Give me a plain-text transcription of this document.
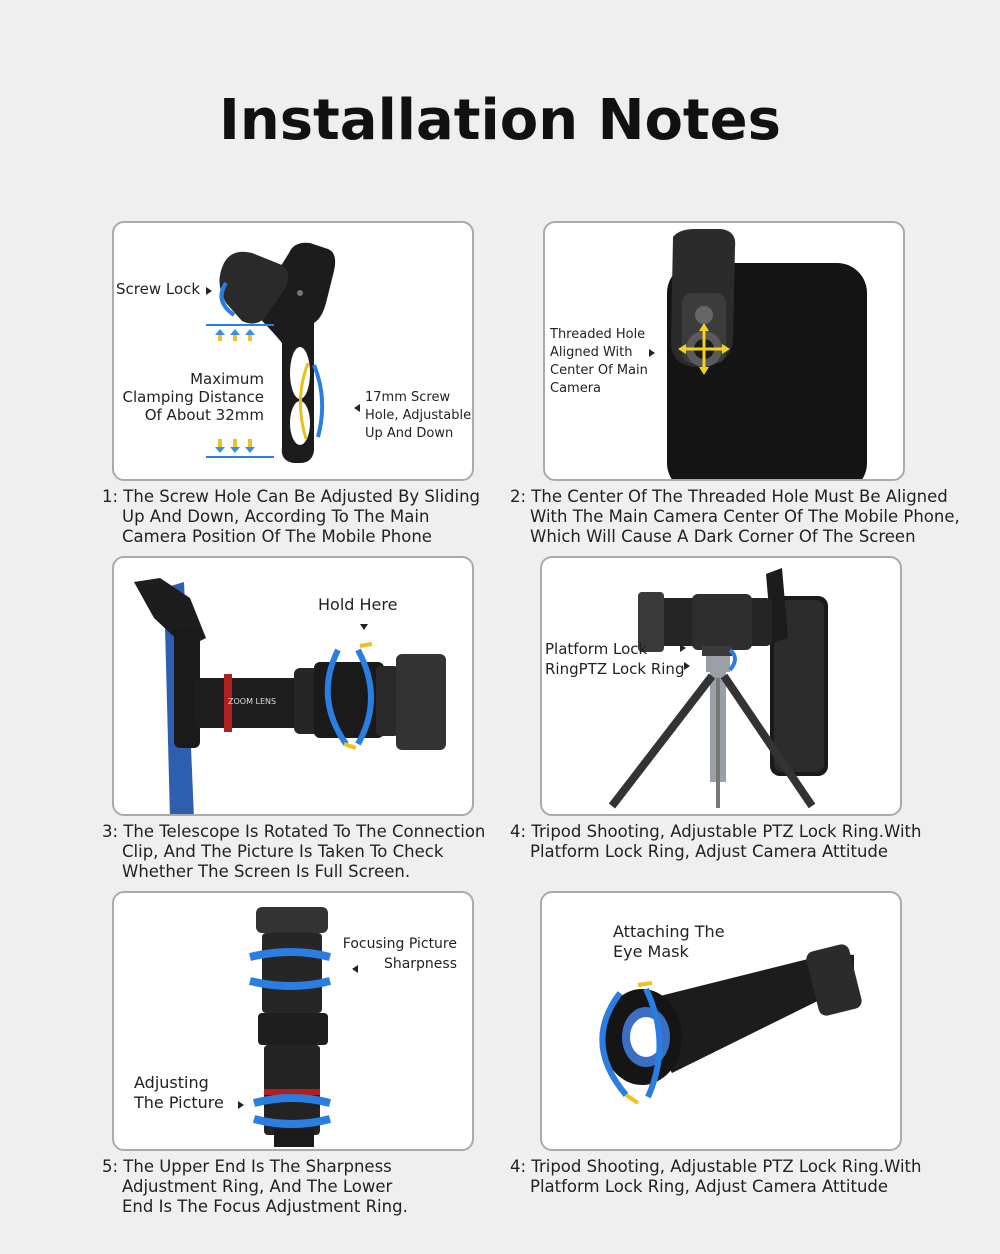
Installation Notes
Screw Lock
Maximum
Clamping Distance
Of About 32mm
17mm Screw
Hole, Adjustable
Up And Down
1: The Screw Hole Can Be Adjusted By Sliding
Up And Down, According To The Main
Camera Position Of The Mobile Phone
Threaded Hole
Aligned With
Center Of Main
Camera
2: The Center Of The Threaded Hole Must Be Aligned
With The Main Camera Center Of The Mobile Phone,
Which Will Cause A Dark Corner Of The Screen
ZOOM LENS
Hold Here
3: The Telescope Is Rotated To The Connection
Clip, And The Picture Is Taken To Check
Whether The Screen Is Full Screen.
Platform Lock
RingPTZ Lock Ring
4: Tripod Shooting, Adjustable PTZ Lock Ring.With
Platform Lock Ring, Adjust Camera Attitude
Focusing Picture
Sharpness
Adjusting
The Picture
5: The Upper End Is The Sharpness
Adjustment Ring, And The Lower
End Is The Focus Adjustment Ring.
Attaching The
Eye Mask
4: Tripod Shooting, Adjustable PTZ Lock Ring.With
Platform Lock Ring, Adjust Camera Attitude
